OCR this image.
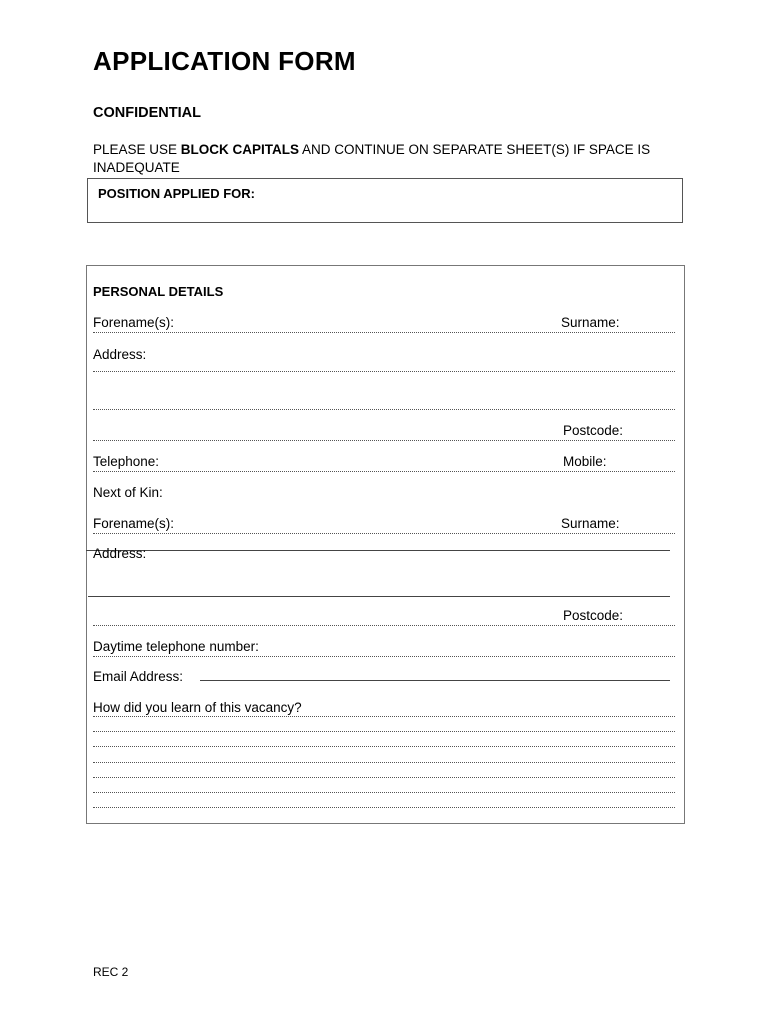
APPLICATION FORM
CONFIDENTIAL
PLEASE USE BLOCK CAPITALS AND CONTINUE ON SEPARATE SHEET(S) IF SPACE IS INADEQUATE
POSITION APPLIED FOR:
PERSONAL DETAILS
Forename(s):	Surname:
Address:
Postcode:
Telephone:	Mobile:
Next of Kin:
Forename(s):	Surname:
Address:
Postcode:
Daytime telephone number:
Email Address:
How did you learn of this vacancy?
REC 2
